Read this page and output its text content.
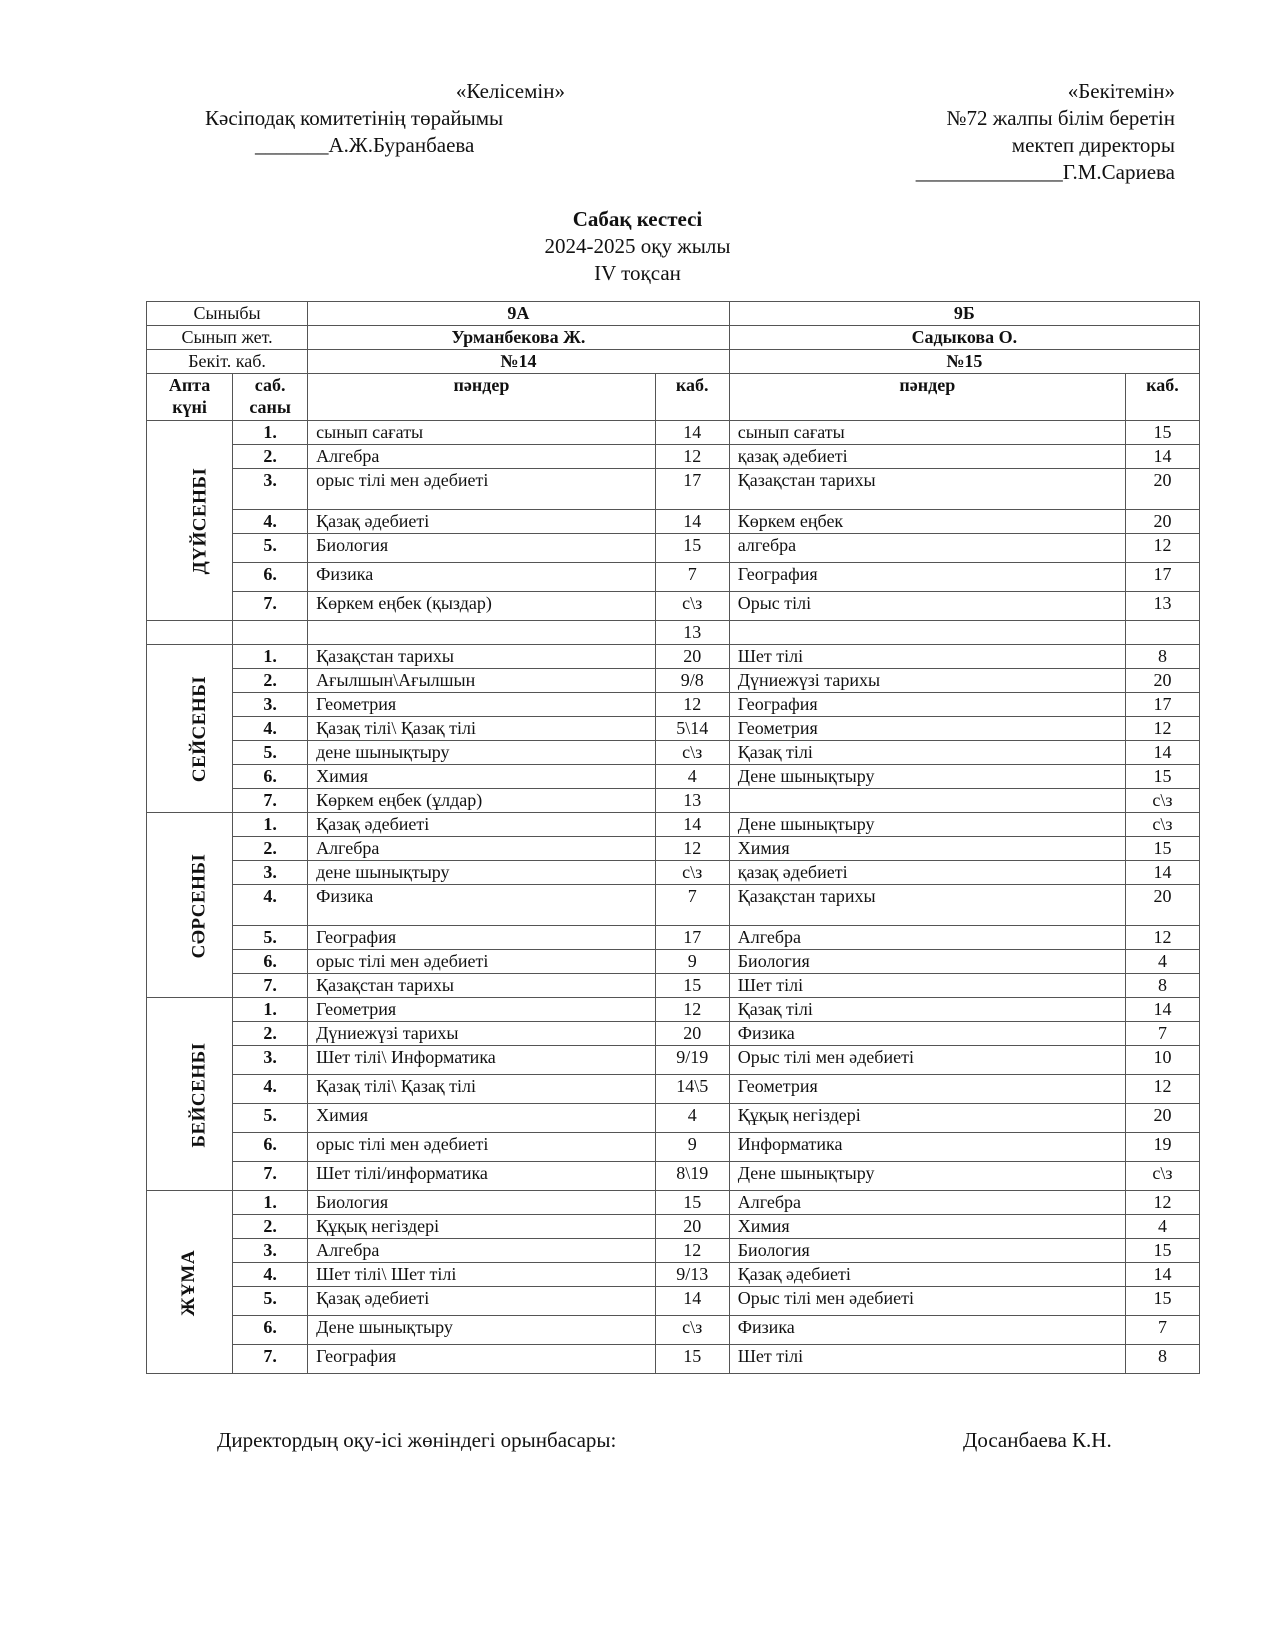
«Келісемін»
Кәсіподақ комитетінің төрайымы
_______А.Ж.Буранбаева
«Бекітемін»
№72 жалпы білім беретін
мектеп директоры
______________Г.М.Сариева
Сабақ кестесі
2024-2025 оқу жылы
IV тоқсан
Сыныбы		9А		9Б	
Сынып жет.		Урманбекова Ж.		Садыкова О.	
Бекіт. каб.		№14		№15	
Апта күні	саб. саны	пәндер	каб.	пәндер	каб.
ДҮЙСЕНБІ	1.	сынып сағаты	14	сынып сағаты	15
	2.	Алгебра	12	қазақ әдебиеті	14
	3.	орыс тілі мен әдебиеті	17	Қазақстан тарихы	20
	4.	Қазақ әдебиеті	14	Көркем еңбек	20
	5.	Биология	15	алгебра	12
	6.	Физика	7	География	17
	7.	Көркем еңбек (қыздар)	с\з	Орыс тілі	13
			13		
СЕЙСЕНБІ	1.	Қазақстан тарихы	20	Шет тілі	8
	2.	Ағылшын\Ағылшын	9/8	Дүниежүзі тарихы	20
	3.	Геометрия	12	География	17
	4.	Қазақ тілі\ Қазақ тілі	5\14	Геометрия	12
	5.	дене шынықтыру	с\з	Қазақ тілі	14
	6.	Химия	4	Дене шынықтыру	15
	7.	Көркем еңбек (ұлдар)	13		с\з
СӘРСЕНБІ	1.	Қазақ әдебиеті	14	Дене шынықтыру	с\з
	2.	Алгебра	12	Химия	15
	3.	дене шынықтыру	с\з	қазақ әдебиеті	14
	4.	Физика	7	Қазақстан тарихы	20
	5.	География	17	Алгебра	12
	6.	орыс тілі мен әдебиеті	9	Биология	4
	7.	Қазақстан тарихы	15	Шет тілі	8
БЕЙСЕНБІ	1.	Геометрия	12	Қазақ тілі	14
	2.	Дүниежүзі тарихы	20	Физика	7
	3.	Шет тілі\ Информатика	9/19	Орыс тілі мен әдебиеті	10
	4.	Қазақ тілі\ Қазақ тілі	14\5	Геометрия	12
	5.	Химия	4	Құқық негіздері	20
	6.	орыс тілі мен әдебиеті	9	Информатика	19
	7.	Шет тілі/информатика	8\19	Дене шынықтыру	с\з
ЖҰМА	1.	Биология	15	Алгебра	12
	2.	Құқық негіздері	20	Химия	4
	3.	Алгебра	12	Биология	15
	4.	Шет тілі\ Шет тілі	9/13	Қазақ әдебиеті	14
	5.	Қазақ әдебиеті	14	Орыс тілі мен әдебиеті	15
	6.	Дене шынықтыру	с\з	Физика	7
	7.	География	15	Шет тілі	8
Директордың оқу-ісі жөніндегі орынбасары:	Досанбаева К.Н.
